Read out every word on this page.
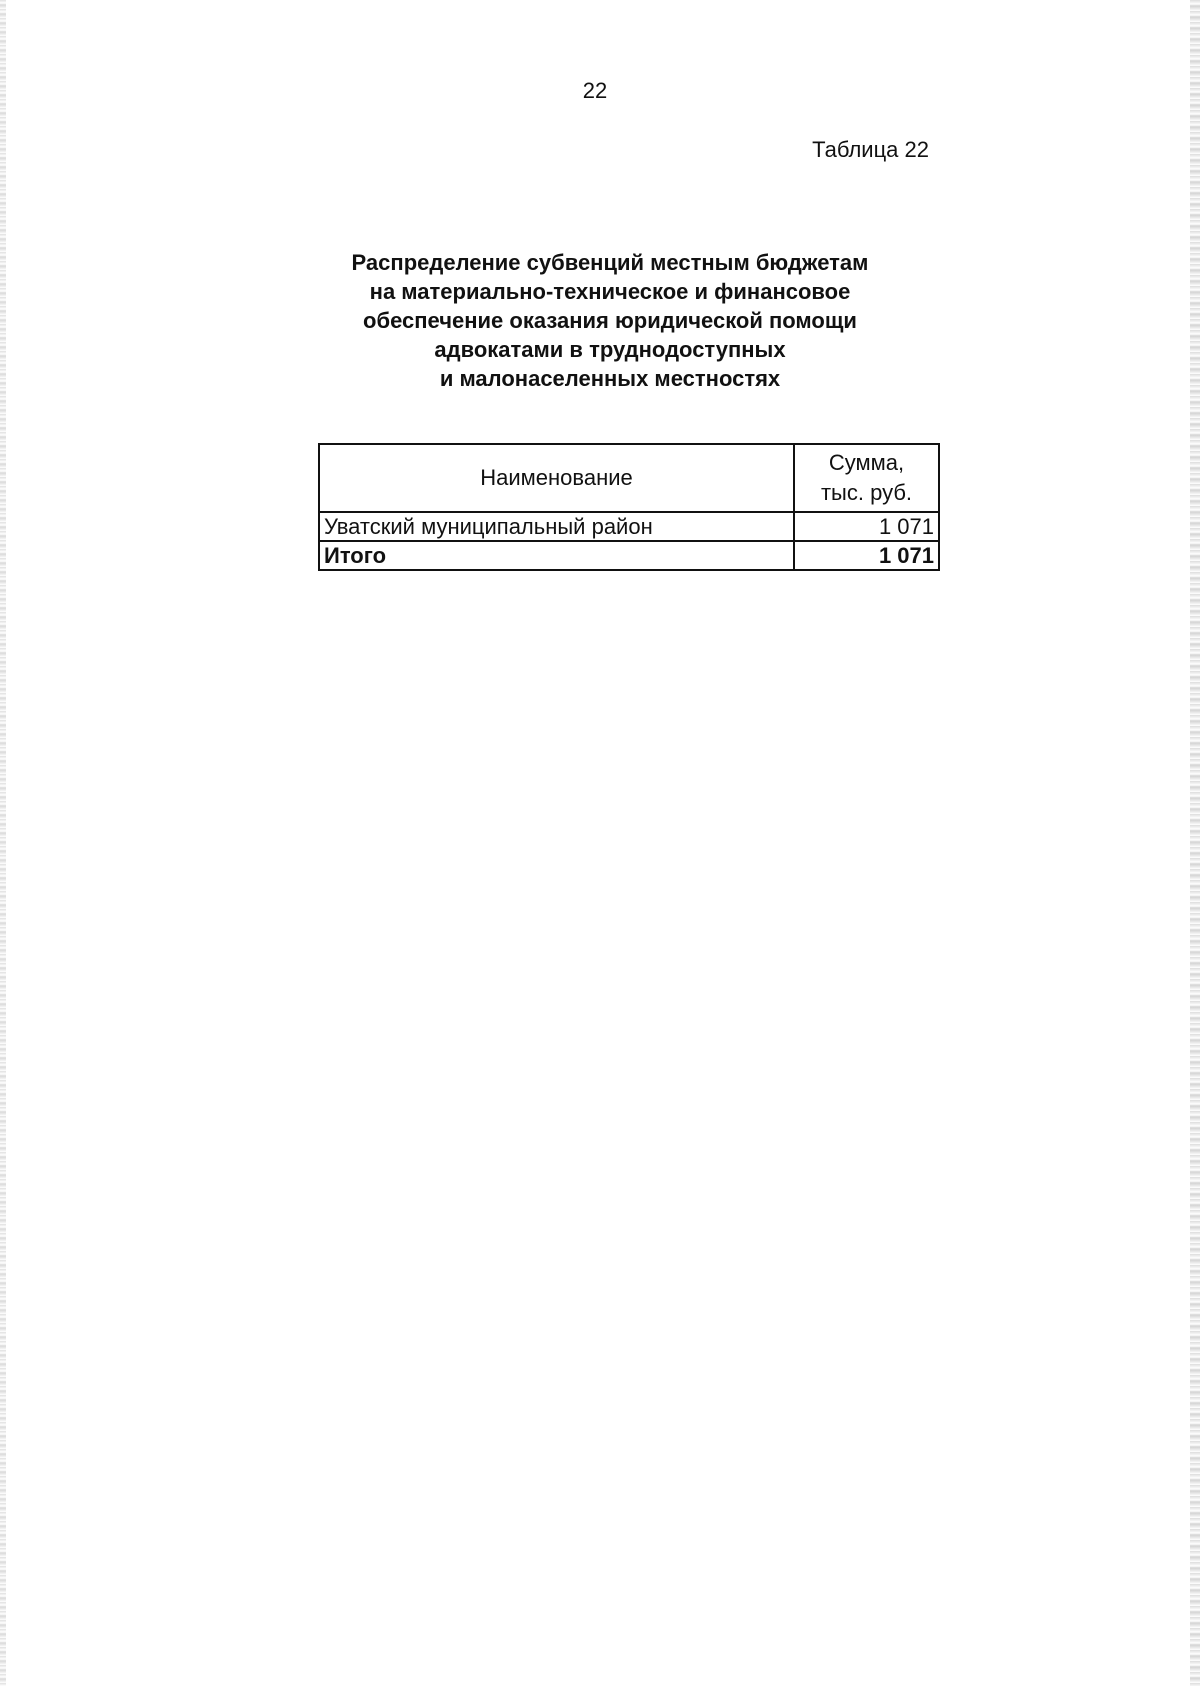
22
Таблица 22
Распределение субвенций местным бюджетам
на материально-техническое и финансовое
обеспечение оказания юридической помощи
адвокатами в труднодоступных
и малонаселенных местностях
Наименование	Сумма,
тыс. руб.

Уватский муниципальный район	1 071
Итого	1 071
